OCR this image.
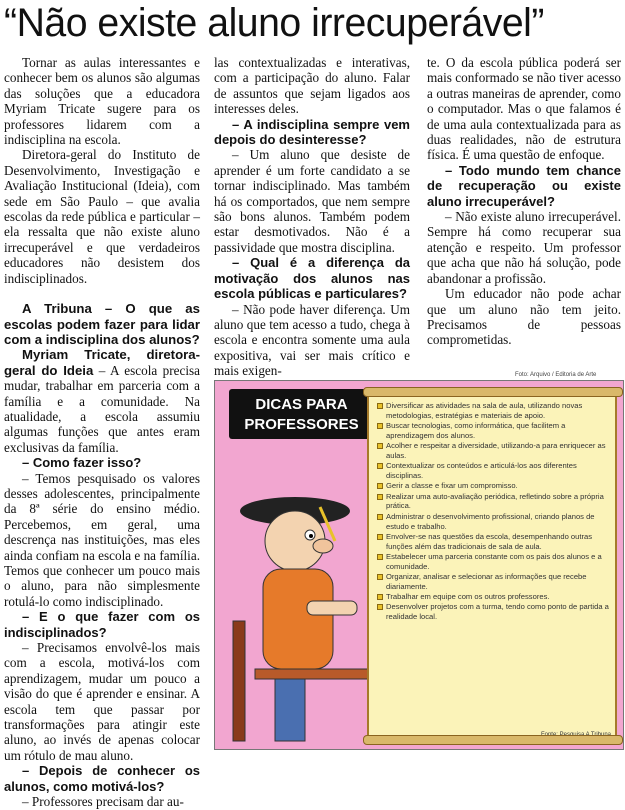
“Não existe aluno irrecuperável”

Tornar as aulas interessantes e conhecer bem os alunos são algumas das soluções que a educadora Myriam Tricate sugere para os professores lidarem com a indisciplina na escola.

Diretora-geral do Instituto de Desenvolvimento, Investigação e Avaliação Institucional (Ideia), com sede em São Paulo – que avalia escolas da rede pública e particular – ela ressalta que não existe aluno irrecuperável e que verdadeiros educadores não desistem dos indisciplinados.

A Tribuna – O que as escolas podem fazer para lidar com a indisciplina dos alunos?

Myriam Tricate, diretora-geral do Ideia – A escola precisa mudar, trabalhar em parceria com a família e a comunidade. Na atualidade, a escola assumiu algumas funções que antes eram exclusivas da família.

– Como fazer isso?

– Temos pesquisado os valores desses adolescentes, principalmente da 8ª série do ensino médio. Percebemos, em geral, uma descrença nas instituições, mas eles ainda confiam na escola e na família. Temos que conhecer um pouco mais o aluno, para não simplesmente rotulá-lo como indisciplinado.

– E o que fazer com os indisciplinados?

– Precisamos envolvê-los mais com a escola, motivá-los com aprendizagem, mudar um pouco a visão do que é aprender e ensinar. A escola tem que passar por transformações para atingir este aluno, ao invés de apenas colocar um rótulo de mau aluno.

– Depois de conhecer os alunos, como motivá-los?

– Professores precisam dar au-

las contextualizadas e interativas, com a participação do aluno. Falar de assuntos que sejam ligados aos interesses deles.

– A indisciplina sempre vem depois do desinteresse?

– Um aluno que desiste de aprender é um forte candidato a se tornar indisciplinado. Mas também há os comportados, que nem sempre são bons alunos. Também podem estar desmotivados. Não é a passividade que mostra disciplina.

– Qual é a diferença da motivação dos alunos nas escola públicas e particulares?

– Não pode haver diferença. Um aluno que tem acesso a tudo, chega à escola e encontra somente uma aula expositiva, vai ser mais crítico e mais exigen-

te. O da escola pública poderá ser mais conformado se não tiver acesso a outras maneiras de aprender, como o computador. Mas o que falamos é de uma aula contextualizada para as duas realidades, não de estrutura física. É uma questão de enfoque.

– Todo mundo tem chance de recuperação ou existe aluno irrecuperável?

– Não existe aluno irrecuperável. Sempre há como recuperar sua atenção e respeito. Um professor que acha que não há solução, pode abandonar a profissão.

Um educador não pode achar que um aluno não tem jeito. Precisamos de pessoas comprometidas.

Foto: Arquivo / Editoria de Arte
DICAS PARA
PROFESSORES
Diversificar as atividades na sala de aula, utilizando novas metodologias, estratégias e materiais de apoio.
Buscar tecnologias, como informática, que facilitem a aprendizagem dos alunos.
Acolher e respeitar a diversidade, utilizando-a para enriquecer as aulas.
Contextualizar os conteúdos e articulá-los aos diferentes disciplinas.
Gerir a classe e fixar um compromisso.
Realizar uma auto-avaliação periódica, refletindo sobre a própria prática.
Administrar o desenvolvimento profissional, criando planos de estudo e trabalho.
Envolver-se nas questões da escola, desempenhando outras funções além das tradicionais de sala de aula.
Estabelecer uma parceria constante com os pais dos alunos e a comunidade.
Organizar, analisar e selecionar as informações que recebe diariamente.
Trabalhar em equipe com os outros professores.
Desenvolver projetos com a turma, tendo como ponto de partida a realidade local.
